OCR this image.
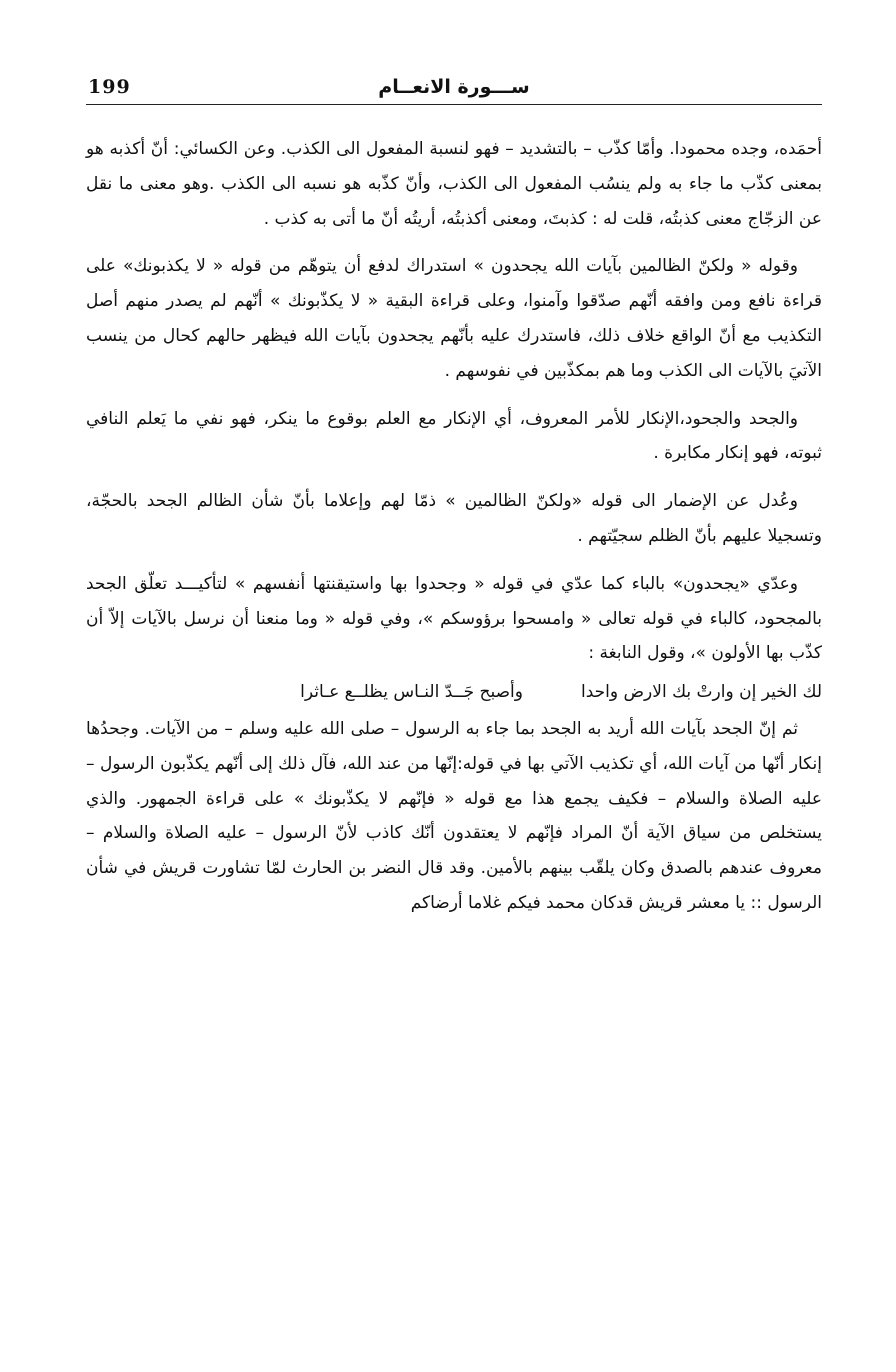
199	ســـورة الانعــام

أحمَده، وجده محمودا. وأمّا كذّب – بالتشديد – فهو لنسبة المفعول الى الكذب. وعن الكسائي: أنّ أكذبه هو بمعنى كذّب ما جاء به ولم ينسُب المفعول الى الكذب، وأنّ كذّبه هو نسبه الى الكذب .وهو معنى ما نقل عن الزجّاج معنى كذبتُه، قلت له : كذبتَ، ومعنى أكذبتُه، أريتُه أنّ ما أتى به كذب .

وقوله « ولكنّ الظالمين بآيات الله يجحدون » استدراك لدفع أن يتوهّم من قوله « لا يكذبونك» على قراءة نافع ومن وافقه أنّهم صدّقوا وآمنوا، وعلى قراءة البقية « لا يكذّبونك » أنّهم لم يصدر منهم أصل التكذيب مع أنّ الواقع خلاف ذلك، فاستدرك عليه بأنّهم يجحدون بآيات الله فيظهر حالهم كحال من ينسب الآتيَ بالآيات الى الكذب وما هم بمكذّبين في نفوسهم .

والجحد والجحود،الإنكار للأمر المعروف، أي الإنكار مع العلم بوقوع ما ينكر، فهو نفي ما يَعلم النافي ثبوته، فهو إنكار مكابرة .

وعُدل عن الإضمار الى قوله «ولكنّ الظالمين » ذمّا لهم وإعلاما بأنّ شأن الظالم الجحد بالحجّة، وتسجيلا عليهم بأنّ الظلم سجيّتهم .

وعدّي «يجحدون» بالباء كما عدّي في قوله « وجحدوا بها واستيقنتها أنفسهم » لتأكيـــد تعلّق الجحد بالمجحود، كالباء في قوله تعالى « وامسحوا برؤوسكم »، وفي قوله « وما منعنا أن نرسل بالآيات إلاّ أن كذّب بها الأولون »، وقول النابغة :

لك الخير إن وارتْ بك الارض واحدا
وأصبح جَــدّ النـاس يظلــع عـاثرا

ثم إنّ الجحد بآيات الله أريد به الجحد بما جاء به الرسول – صلى الله عليه وسلم – من الآيات. وجحدُها إنكار أنّها من آيات الله، أي تكذيب الآتي بها في قوله:إنّها من عند الله، فآل ذلك إلى أنّهم يكذّبون الرسول – عليه الصلاة والسلام – فكيف يجمع هذا مع قوله « فإنّهم لا يكذّبونك » على قراءة الجمهور. والذي يستخلص من سياق الآية أنّ المراد فإنّهم لا يعتقدون أنّك كاذب لأنّ الرسول – عليه الصلاة والسلام – معروف عندهم بالصدق وكان يلقّب بينهم بالأمين. وقد قال النضر بن الحارث لمّا تشاورت قريش في شأن الرسول :: يا معشر قريش قدكان محمد فيكم غلاما أرضاكم
